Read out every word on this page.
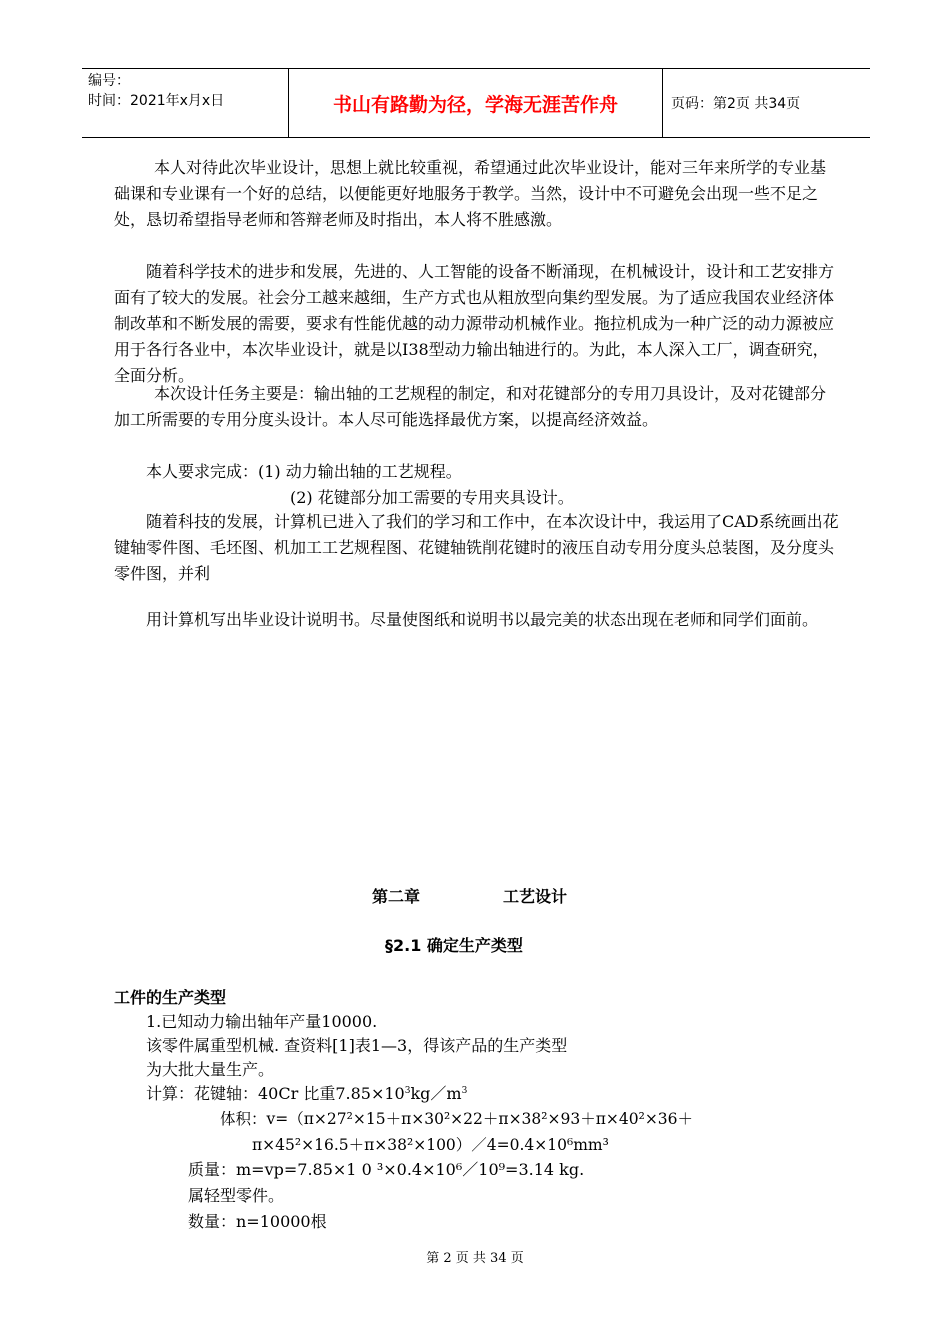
编号：
时间：2021年x月x日	书山有路勤为径，学海无涯苦作舟	页码：第2页 共34页

本人对待此次毕业设计，思想上就比较重视，希望通过此次毕业设计，能对三年来所学的专业基础课和专业课有一个好的总结，以便能更好地服务于教学。当然，设计中不可避免会出现一些不足之处，恳切希望指导老师和答辩老师及时指出，本人将不胜感激。

随着科学技术的进步和发展，先进的、人工智能的设备不断涌现，在机械设计，设计和工艺安排方面有了较大的发展。社会分工越来越细，生产方式也从粗放型向集约型发展。为了适应我国农业经济体制改革和不断发展的需要，要求有性能优越的动力源带动机械作业。拖拉机成为一种广泛的动力源被应用于各行各业中，本次毕业设计，就是以I38型动力输出轴进行的。为此，本人深入工厂，调查研究，全面分析。

本次设计任务主要是：输出轴的工艺规程的制定，和对花键部分的专用刀具设计，及对花键部分加工所需要的专用分度头设计。本人尽可能选择最优方案，以提高经济效益。

本人要求完成：(1) 动力输出轴的工艺规程。

(2) 花键部分加工需要的专用夹具设计。

随着科技的发展，计算机已进入了我们的学习和工作中，在本次设计中，我运用了CAD系统画出花键轴零件图、毛坯图、机加工工艺规程图、花键轴铣削花键时的液压自动专用分度头总装图，及分度头零件图，并利

用计算机写出毕业设计说明书。尽量使图纸和说明书以最完美的状态出现在老师和同学们面前。

第二章	工艺设计
§2.1 确定生产类型
工件的生产类型

1.已知动力输出轴年产量10000.

该零件属重型机械. 查资料[1]表1—3，得该产品的生产类型

为大批大量生产。

计算：花键轴：40Cr 比重$7.85\times 10^3kg/m^3$

体积：v=（π×27²×15＋π×30²×22＋π×38²×93＋π×40²×36＋

π×45²×16.5＋π×38²×100）／4=0.4×10⁶mm³

质量：m=vp=7.85×1 0 ³×0.4×10⁶／10⁹=3.14 kg.

属轻型零件。

数量：n=10000根

第 2 页 共 34 页
